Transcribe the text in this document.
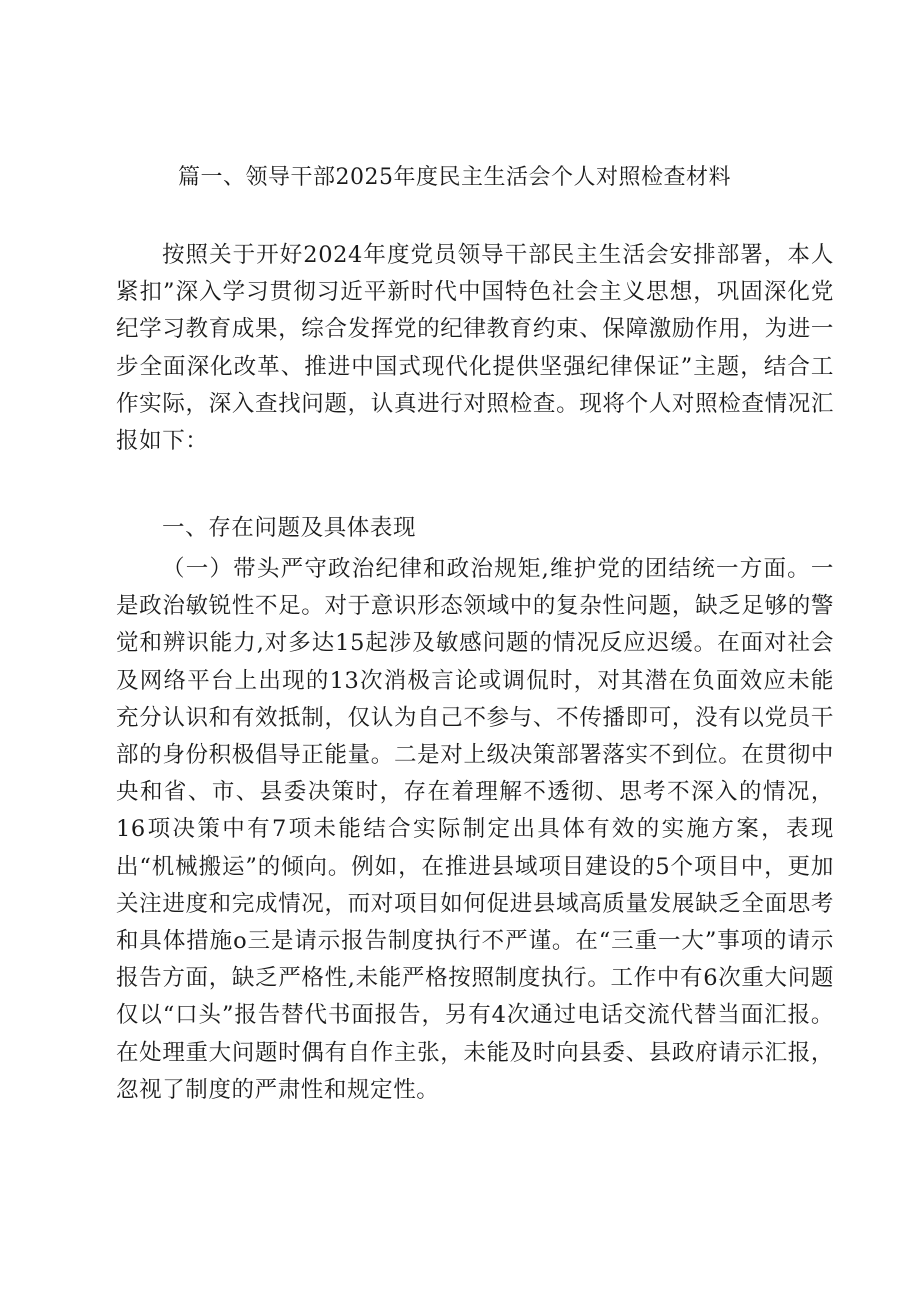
篇一、领导干部2025年度民主生活会个人对照检查材料

按照关于开好2024年度党员领导干部民主生活会安排部署，本人紧扣”深入学习贯彻习近平新时代中国特色社会主义思想，巩固深化党纪学习教育成果，综合发挥党的纪律教育约束、保障激励作用，为进一步全面深化改革、推进中国式现代化提供坚强纪律保证”主题，结合工作实际，深入查找问题，认真进行对照检查。现将个人对照检查情况汇报如下：

一、存在问题及具体表现

（一）带头严守政治纪律和政治规矩,维护党的团结统一方面。一是政治敏锐性不足。对于意识形态领域中的复杂性问题，缺乏足够的警觉和辨识能力,对多达15起涉及敏感问题的情况反应迟缓。在面对社会及网络平台上出现的13次消极言论或调侃时，对其潜在负面效应未能充分认识和有效抵制，仅认为自己不参与、不传播即可，没有以党员干部的身份积极倡导正能量。二是对上级决策部署落实不到位。在贯彻中央和省、市、县委决策时，存在着理解不透彻、思考不深入的情况，16项决策中有7项未能结合实际制定出具体有效的实施方案，表现出“机械搬运”的倾向。例如，在推进县域项目建设的5个项目中，更加关注进度和完成情况，而对项目如何促进县域高质量发展缺乏全面思考和具体措施o三是请示报告制度执行不严谨。在“三重一大”事项的请示报告方面，缺乏严格性,未能严格按照制度执行。工作中有6次重大问题仅以“口头”报告替代书面报告，另有4次通过电话交流代替当面汇报。在处理重大问题时偶有自作主张，未能及时向县委、县政府请示汇报，忽视了制度的严肃性和规定性。
